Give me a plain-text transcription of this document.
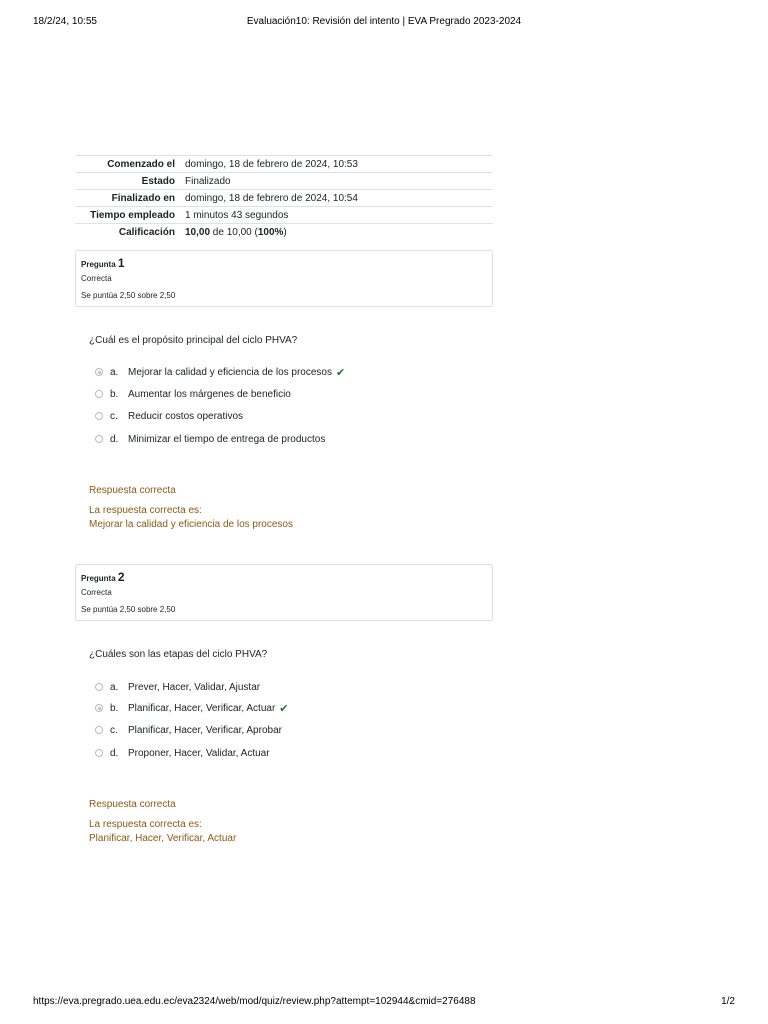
18/2/24, 10:55	Evaluación10: Revisión del intento | EVA Pregrado 2023-2024
Comenzado el	domingo, 18 de febrero de 2024, 10:53
Estado	Finalizado
Finalizado en	domingo, 18 de febrero de 2024, 10:54
Tiempo empleado	1 minutos 43 segundos
Calificación	10,00 de 10,00 (100%)
Pregunta 1
Correcta
Se puntúa 2,50 sobre 2,50
¿Cuál es el propósito principal del ciclo PHVA?
a. Mejorar la calidad y eficiencia de los procesos ✔
b. Aumentar los márgenes de beneficio
c.	Reducir costos operativos
d. Minimizar el tiempo de entrega de productos
Respuesta correcta
La respuesta correcta es:
Mejorar la calidad y eficiencia de los procesos
Pregunta 2
Correcta
Se puntúa 2,50 sobre 2,50
¿Cuáles son las etapas del ciclo PHVA?
a. Prever, Hacer, Validar, Ajustar
b. Planificar, Hacer, Verificar, Actuar ✔
c.	Planificar, Hacer, Verificar, Aprobar
d. Proponer, Hacer, Validar, Actuar
Respuesta correcta
La respuesta correcta es:
Planificar, Hacer, Verificar, Actuar
https://eva.pregrado.uea.edu.ec/eva2324/web/mod/quiz/review.php?attempt=102944&cmid=276488	1/2
